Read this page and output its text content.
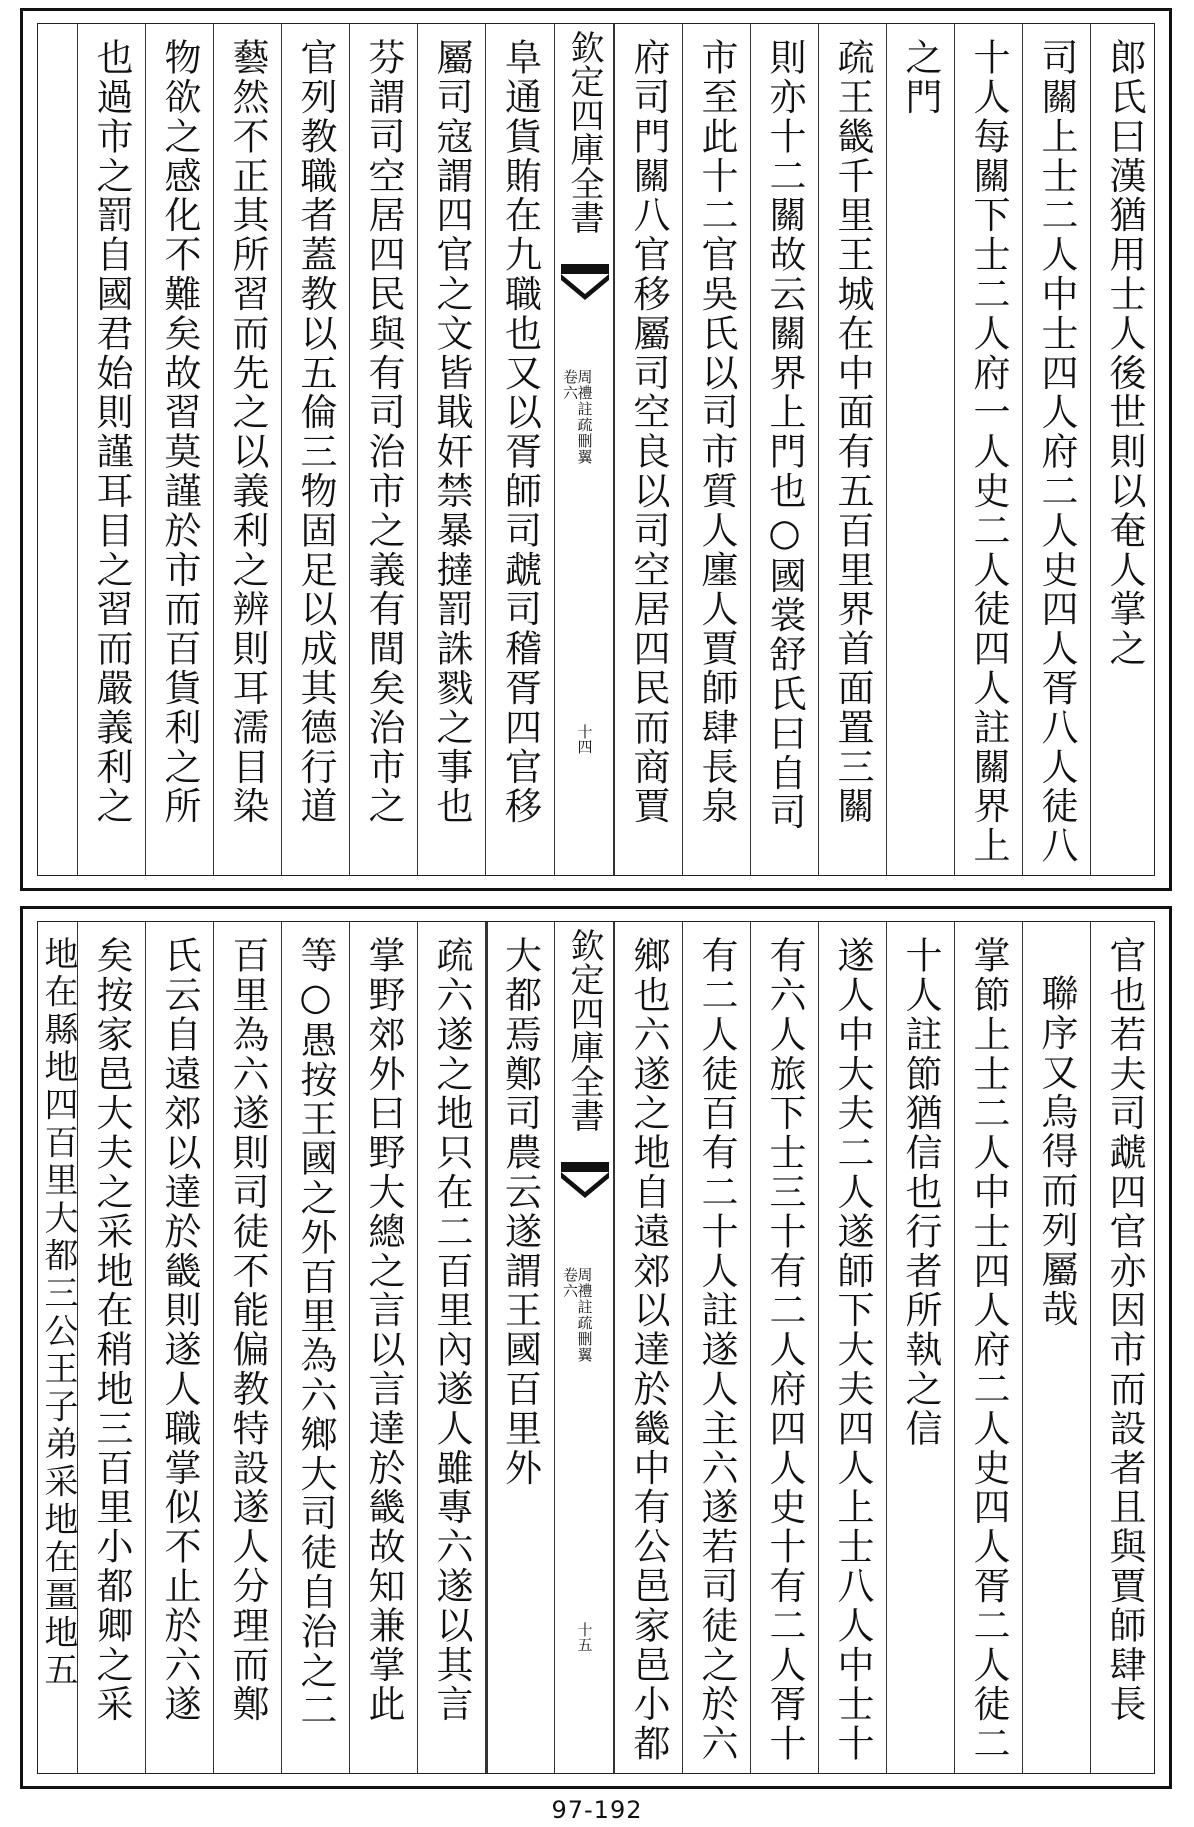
郎氏曰漢猶用士人後世則以奄人掌之
司關上士二人中士四人府二人史四人胥八人徒八
十人每關下士二人府一人史二人徒四人註關界上
之門
疏王畿千里王城在中面有五百里界首面置三關
則亦十二關故云關界上門也○國裳舒氏曰自司
市至此十二官吳氏以司市質人廛人賈師肆長泉
府司門關八官移屬司空良以司空居四民而商賈
欽定四庫全書
周禮註疏刪翼
卷六
十四
阜通貨賄在九職也又以胥師司虣司稽胥四官移
屬司寇謂四官之文皆戢奸禁暴撻罰誅戮之事也
芬謂司空居四民與有司治市之義有間矣治市之
官列教職者蓋教以五倫三物固足以成其德行道
藝然不正其所習而先之以義利之辨則耳濡目染
物欲之感化不難矣故習莫謹於市而百貨利之所
也過市之罰自國君始則謹耳目之習而嚴義利之
官也若夫司虣四官亦因市而設者且與賈師肆長
聯序又烏得而列屬哉
掌節上士二人中士四人府二人史四人胥二人徒二
十人註節猶信也行者所執之信
遂人中大夫二人遂師下大夫四人上士八人中士十
有六人旅下士三十有二人府四人史十有二人胥十
有二人徒百有二十人註遂人主六遂若司徒之於六
鄉也六遂之地自遠郊以達於畿中有公邑家邑小都
欽定四庫全書
周禮註疏刪翼
卷六
十五
大都焉鄭司農云遂謂王國百里外
疏六遂之地只在二百里內遂人雖專六遂以其言
掌野郊外曰野大總之言以言達於畿故知兼掌此
等○愚按王國之外百里為六鄉大司徒自治之二
百里為六遂則司徒不能偏教特設遂人分理而鄭
氏云自遠郊以達於畿則遂人職掌似不止於六遂
矣按家邑大夫之采地在稍地三百里小都卿之采
地在縣地四百里大都三公王子弟采地在畺地五
97-192
